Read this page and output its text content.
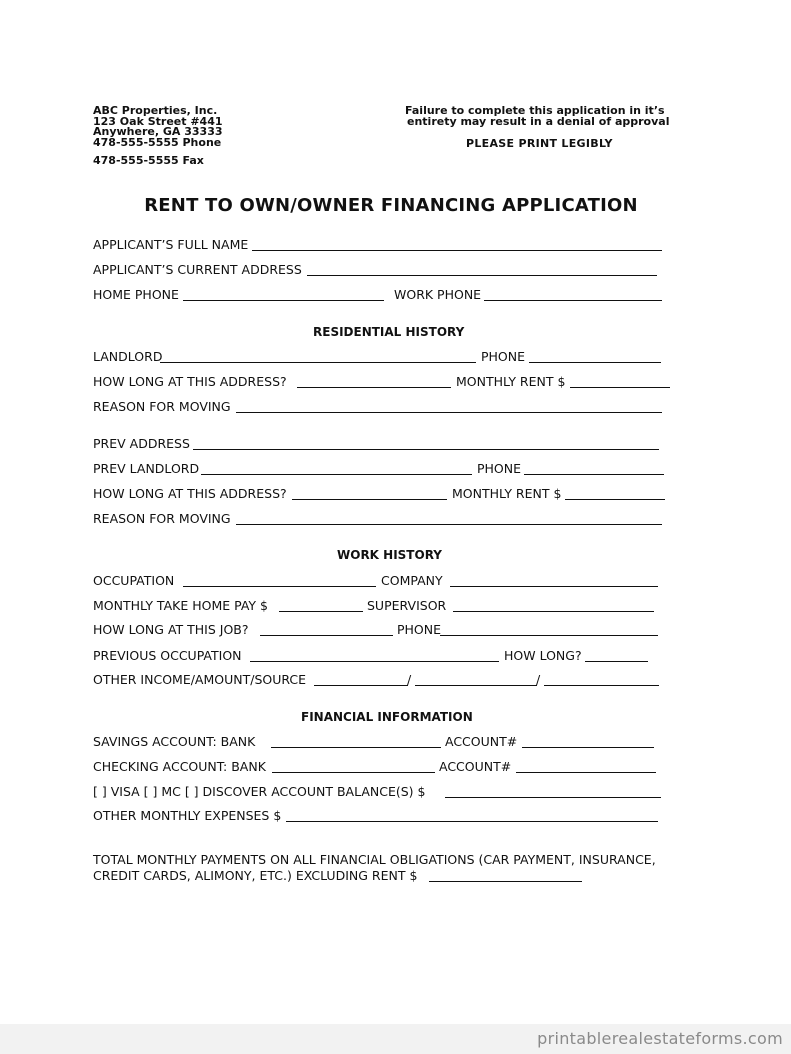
ABC Properties, Inc.
123 Oak Street #441
Anywhere, GA 33333
478-555-5555 Phone
478-555-5555 Fax
Failure to complete this application in it’s
entirety may result in a denial of approval
PLEASE PRINT LEGIBLY
RENT TO OWN/OWNER FINANCING APPLICATION
APPLICANT’S FULL NAME
APPLICANT’S CURRENT ADDRESS
HOME PHONE	WORK PHONE
RESIDENTIAL HISTORY
LANDLORD	PHONE
HOW LONG AT THIS ADDRESS?	MONTHLY RENT $
REASON FOR MOVING
PREV ADDRESS
PREV LANDLORD	PHONE
HOW LONG AT THIS ADDRESS?	MONTHLY RENT $
REASON FOR MOVING
WORK HISTORY
OCCUPATION	COMPANY
MONTHLY TAKE HOME PAY $	SUPERVISOR
HOW LONG AT THIS JOB?	PHONE
PREVIOUS OCCUPATION	HOW LONG?
OTHER INCOME/AMOUNT/SOURCE	/	/
FINANCIAL INFORMATION
SAVINGS ACCOUNT: BANK	ACCOUNT#
CHECKING ACCOUNT: BANK	ACCOUNT#
[ ] VISA [ ] MC [ ] DISCOVER ACCOUNT BALANCE(S) $
OTHER MONTHLY EXPENSES $
TOTAL MONTHLY PAYMENTS ON ALL FINANCIAL OBLIGATIONS (CAR PAYMENT, INSURANCE,
CREDIT CARDS, ALIMONY, ETC.) EXCLUDING RENT $
printablerealestateforms.com
